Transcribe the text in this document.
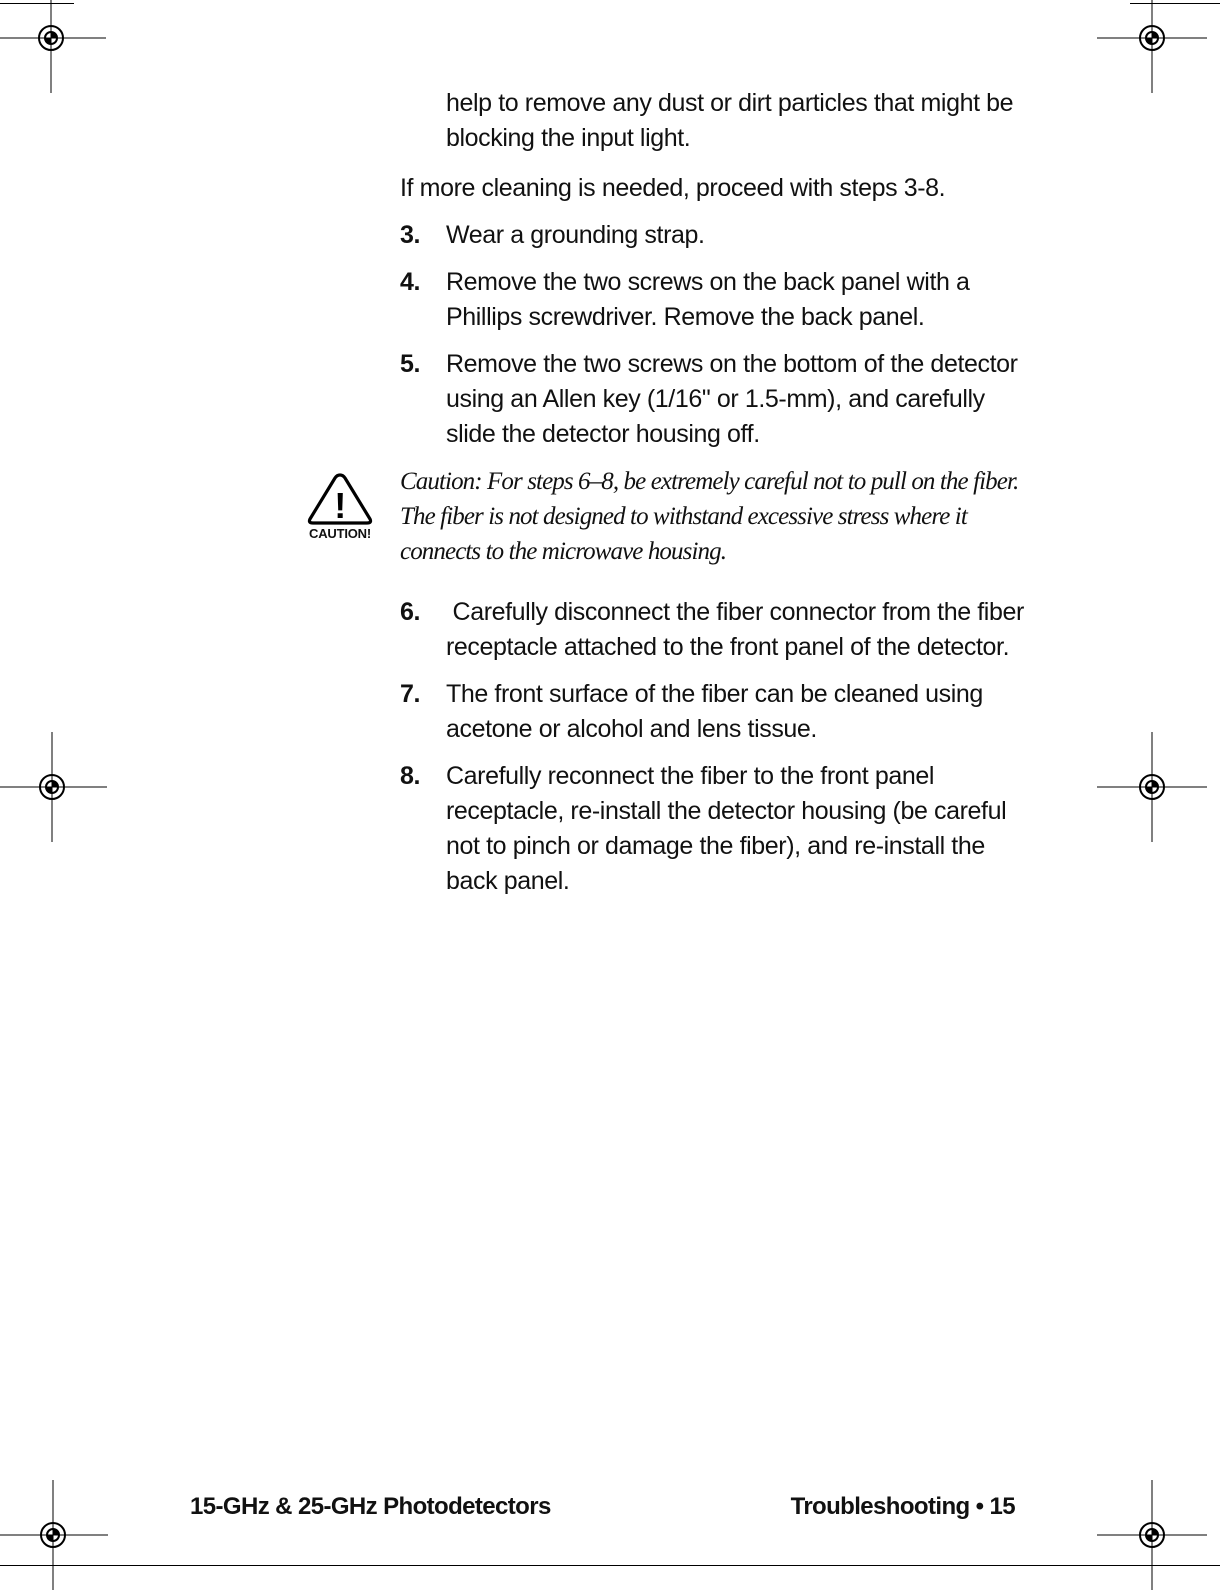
help to remove any dust or dirt particles that might be blocking the input light.

If more cleaning is needed, proceed with steps 3-8.

3.	Wear a grounding strap.
4.	Remove the two screws on the back panel with a Phillips screwdriver. Remove the back panel.
5.	Remove the two screws on the bottom of the detector using an Allen key (1/16" or 1.5-mm), and carefully slide the detector housing off.
!
CAUTION!

Caution: For steps 6–8, be extremely careful not to pull on the fiber. The fiber is not designed to withstand excessive stress where it connects to the microwave housing.

6.	Carefully disconnect the fiber connector from the fiber receptacle attached to the front panel of the detector.
7.	The front surface of the fiber can be cleaned using acetone or alcohol and lens tissue.
8.	Carefully reconnect the fiber to the front panel receptacle, re-install the detector housing (be careful not to pinch or damage the fiber), and re-install the back panel.
15-GHz & 25-GHz Photodetectors	Troubleshooting • 15
